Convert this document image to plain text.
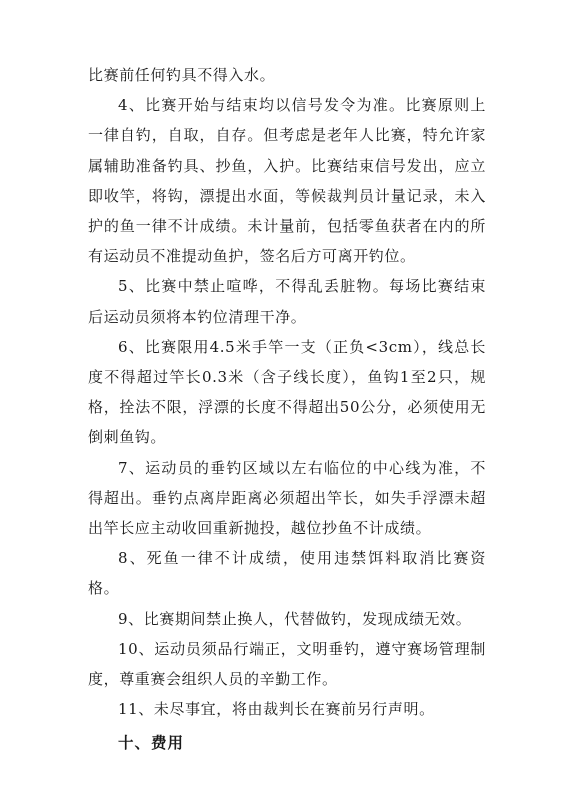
比赛前任何钓具不得入水。

4、比赛开始与结束均以信号发令为准。比赛原则上一律自钓，自取，自存。但考虑是老年人比赛，特允许家属辅助准备钓具、抄鱼，入护。比赛结束信号发出，应立即收竿，将钩，漂提出水面，等候裁判员计量记录，未入护的鱼一律不计成绩。未计量前，包括零鱼获者在内的所有运动员不准提动鱼护，签名后方可离开钓位。

5、比赛中禁止喧哗，不得乱丢脏物。每场比赛结束后运动员须将本钓位清理干净。

6、比赛限用4.5米手竿一支（正负<3cm），线总长度不得超过竿长0.3米（含子线长度），鱼钩1至2只，规格，拴法不限，浮漂的长度不得超出50公分，必须使用无倒刺鱼钩。

7、运动员的垂钓区域以左右临位的中心线为准，不得超出。垂钓点离岸距离必须超出竿长，如失手浮漂未超出竿长应主动收回重新抛投，越位抄鱼不计成绩。

8、死鱼一律不计成绩，使用违禁饵料取消比赛资格。

9、比赛期间禁止换人，代替做钓，发现成绩无效。

10、运动员须品行端正，文明垂钓，遵守赛场管理制度，尊重赛会组织人员的辛勤工作。

11、未尽事宜，将由裁判长在赛前另行声明。

十、费用
